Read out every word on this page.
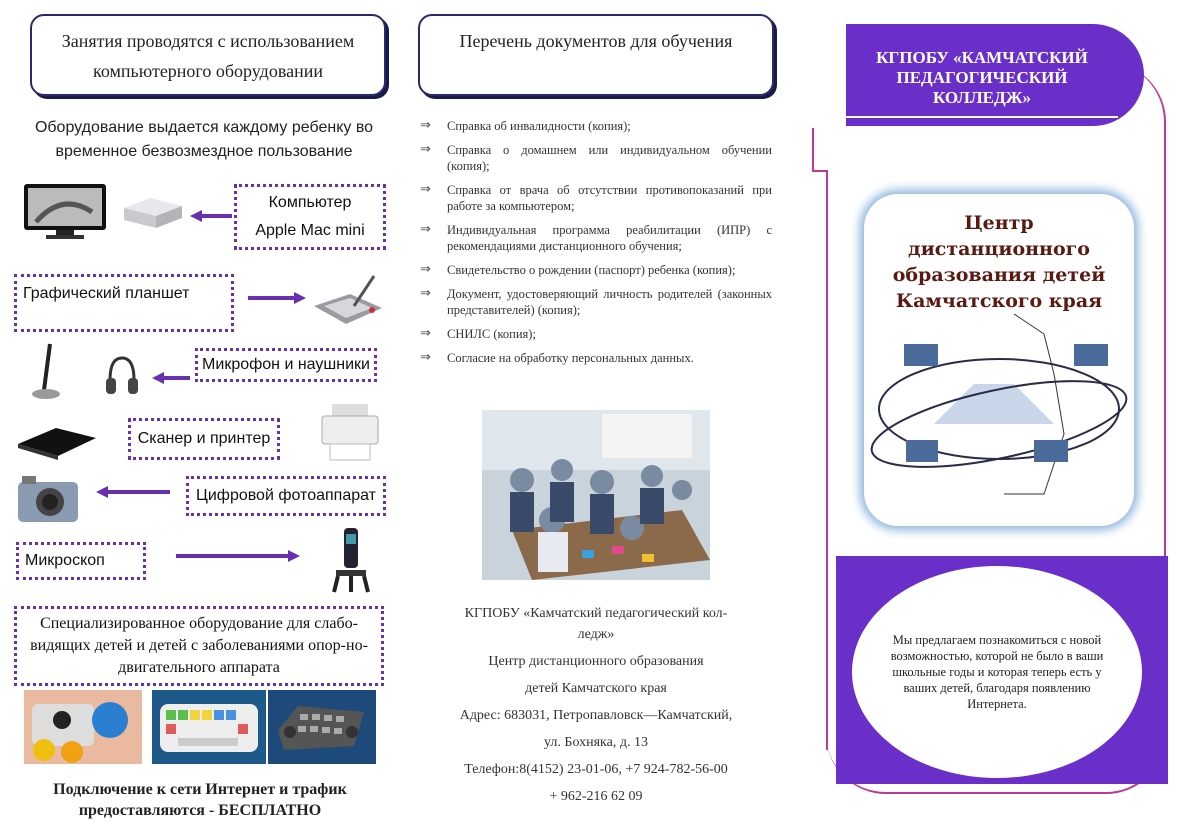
Занятия проводятся с использованием компьютерного оборудовании
Оборудование выдается каждому ребенку во временное безвозмездное пользование
Компьютер
Apple Mac mini
Графический планшет
Микрофон и наушники
Сканер и принтер
Цифровой фотоаппарат
Микроскоп
Специализированное оборудование для слабо-видящих детей и детей с заболеваниями опор-но-двигательного аппарата
Подключение к сети Интернет и трафик предоставляются - БЕСПЛАТНО
Перечень документов для обучения
⇒ Справка об инвалидности (копия);
⇒ Справка о домашнем или индивидуальном обучении (копия);
⇒ Справка от врача об отсутствии противопоказаний при работе за компьютером;
⇒ Индивидуальная программа реабилитации (ИПР) с рекомендациями дистанционного обучения;
⇒ Свидетельство о рождении (паспорт) ребенка (копия);
⇒ Документ, удостоверяющий личность родителей (законных представителей) (копия);
⇒ СНИЛС (копия);
⇒ Согласие на обработку персональных данных.
КГПОБУ «Камчатский педагогический кол-
ледж»
Центр дистанционного образования
детей Камчатского края
Адрес: 683031, Петропавловск—Камчатский,
ул. Бохняка, д. 13
Телефон:8(4152) 23-01-06, +7 924-782-56-00
+ 962-216 62 09
КГПОБУ «КАМЧАТСКИЙ ПЕДАГОГИЧЕСКИЙ КОЛЛЕДЖ»
Центр
дистанционного
образования детей
Камчатского края
Мы предлагаем познакомиться с новой возможностью, которой не было в ваши школьные годы и которая теперь есть у ваших детей, благодаря появлению Интернета.
